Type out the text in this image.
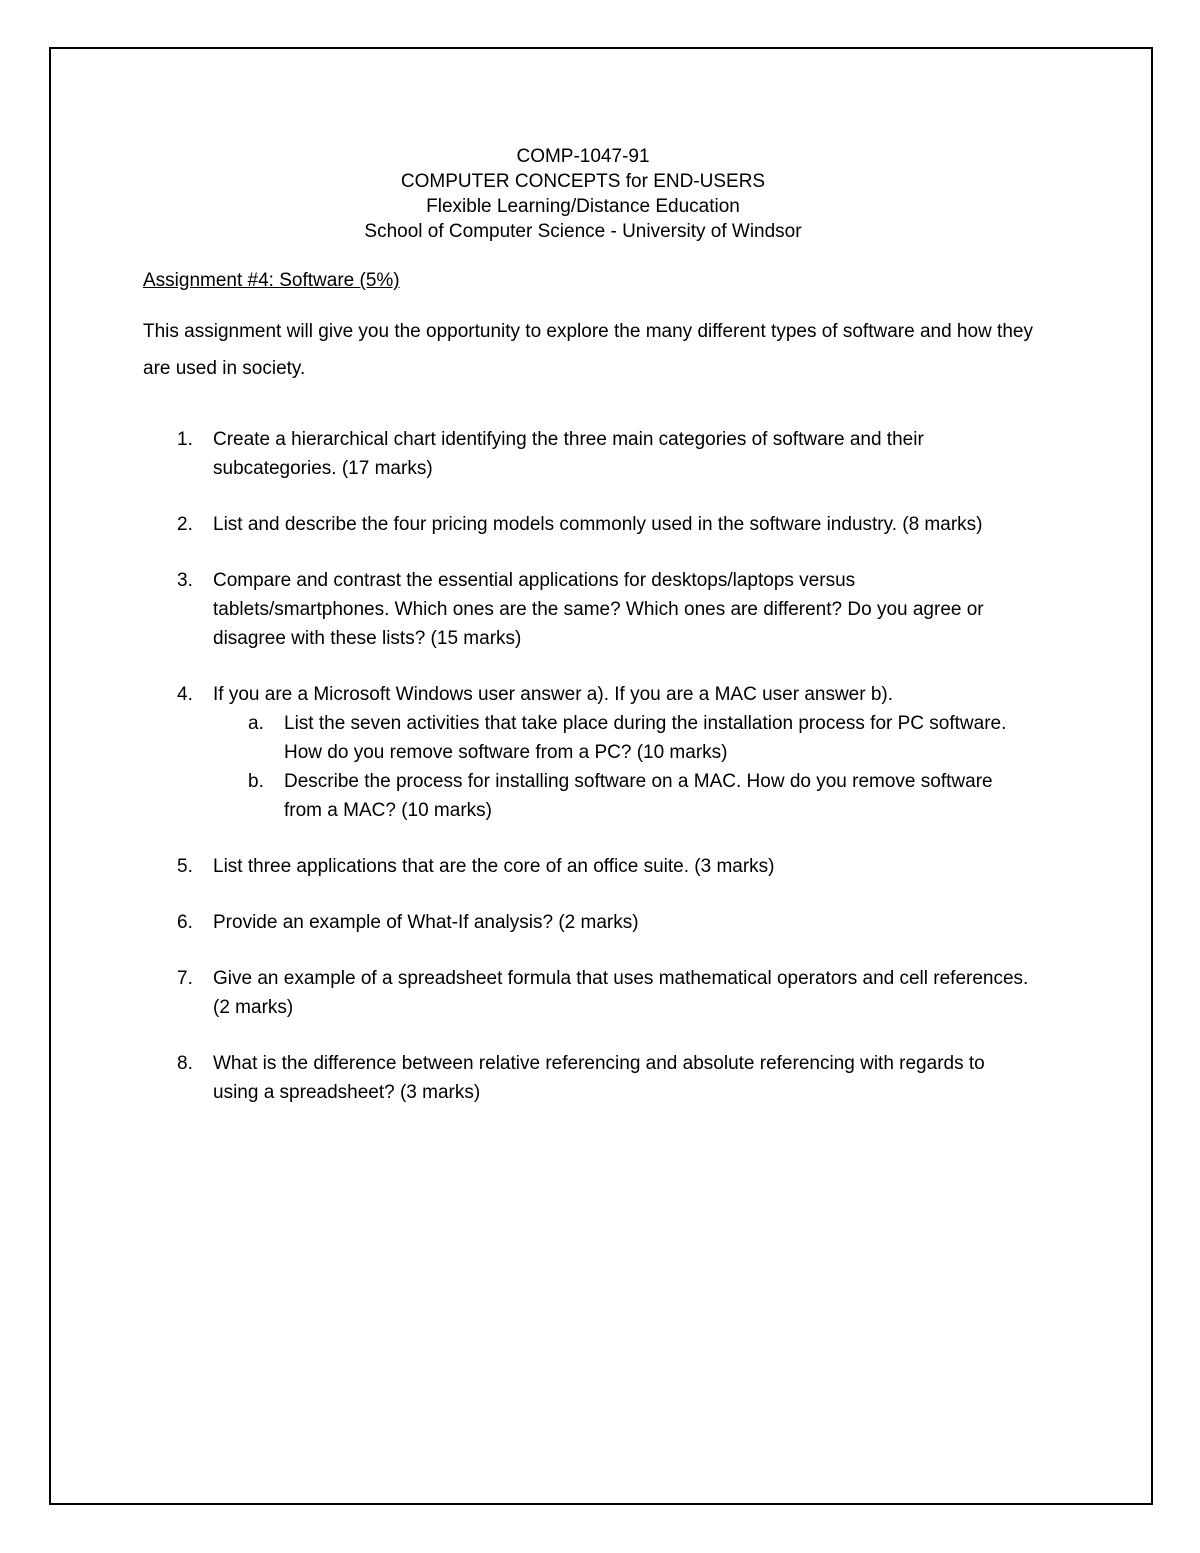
COMP-1047-91
COMPUTER CONCEPTS for END-USERS
Flexible Learning/Distance Education
School of Computer Science - University of Windsor
Assignment #4: Software (5%)
This assignment will give you the opportunity to explore the many different types of software and how they are used in society.
1. Create a hierarchical chart identifying the three main categories of software and their subcategories. (17 marks)
2. List and describe the four pricing models commonly used in the software industry. (8 marks)
3. Compare and contrast the essential applications for desktops/laptops versus tablets/smartphones. Which ones are the same? Which ones are different? Do you agree or disagree with these lists? (15 marks)
4. If you are a Microsoft Windows user answer a). If you are a MAC user answer b).
a. List the seven activities that take place during the installation process for PC software. How do you remove software from a PC? (10 marks)
b. Describe the process for installing software on a MAC. How do you remove software from a MAC? (10 marks)
5. List three applications that are the core of an office suite. (3 marks)
6. Provide an example of What-If analysis? (2 marks)
7. Give an example of a spreadsheet formula that uses mathematical operators and cell references. (2 marks)
8. What is the difference between relative referencing and absolute referencing with regards to using a spreadsheet? (3 marks)
